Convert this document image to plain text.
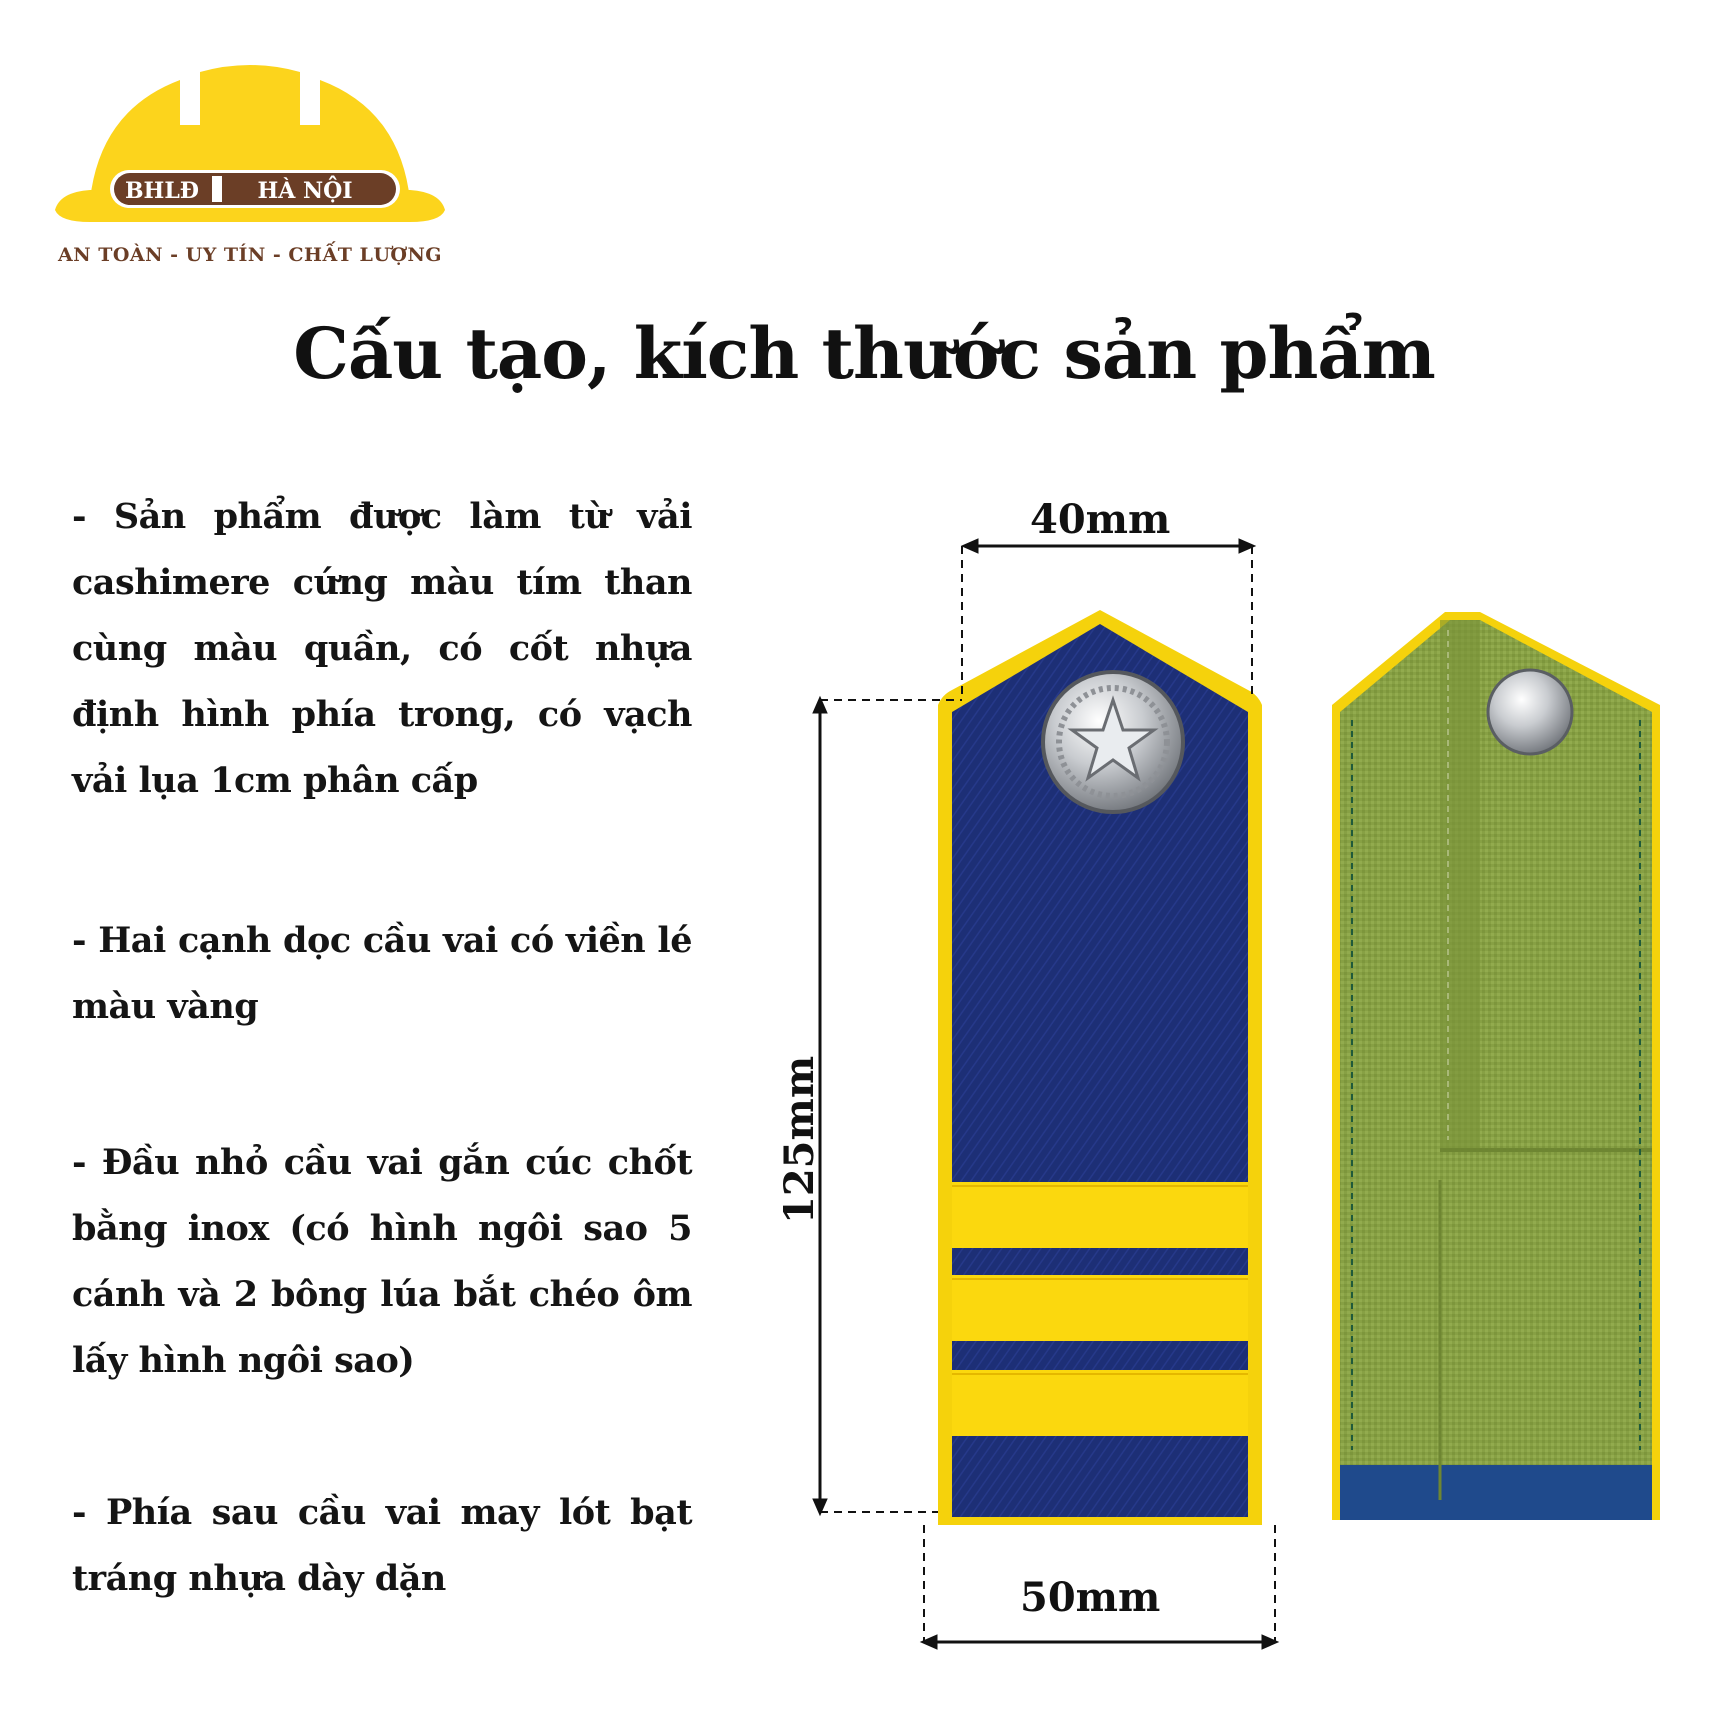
BHLĐ	HÀ NỘI
AN TOÀN - UY TÍN - CHẤT LƯỢNG
Cấu tạo, kích thước sản phẩm
- Sản phẩm được làm từ vải cashimere cứng màu tím than cùng màu quần, có cốt nhựa định hình phía trong, có vạch vải lụa 1cm phân cấp
- Hai cạnh dọc cầu vai có viền lé màu vàng
- Đầu nhỏ cầu vai gắn cúc chốt bằng inox (có hình ngôi sao 5 cánh và 2 bông lúa bắt chéo ôm lấy hình ngôi sao)
- Phía sau cầu vai may lót bạt tráng nhựa dày dặn
40mm
50mm
125mm
